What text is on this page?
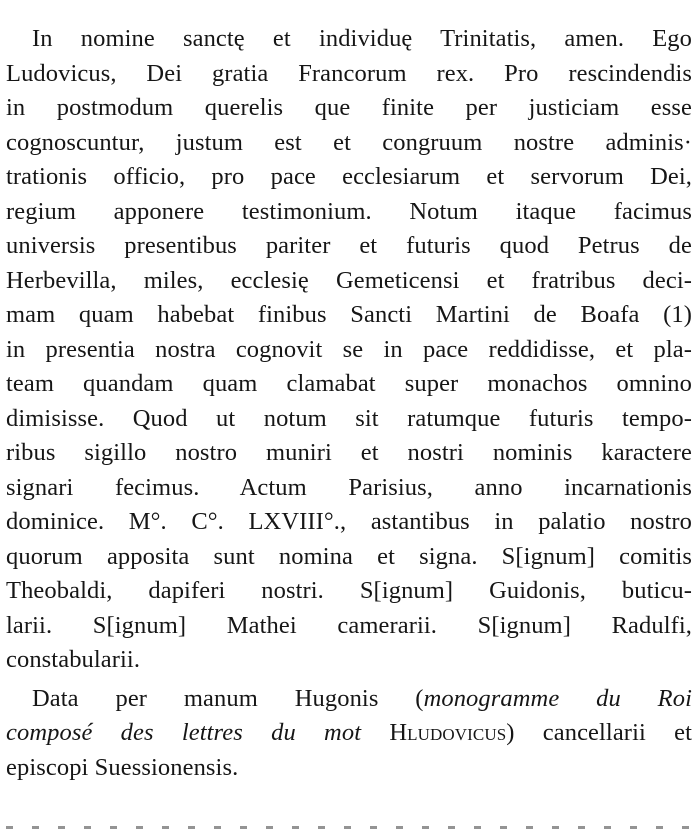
In nomine sanctę et individuę Trinitatis, amen. Ego
Ludovicus, Dei gratia Francorum rex. Pro rescindendis
in postmodum querelis que finite per justiciam esse
cognoscuntur, justum est et congruum nostre adminis·
trationis officio, pro pace ecclesiarum et servorum Dei,
regium apponere testimonium. Notum itaque facimus
universis presentibus pariter et futuris quod Petrus de
Herbevilla, miles, ecclesię Gemeticensi et fratribus deci-
mam quam habebat finibus Sancti Martini de Boafa (1)
in presentia nostra cognovit se in pace reddidisse, et pla-
team quandam quam clamabat super monachos omnino
dimisisse. Quod ut notum sit ratumque futuris tempo-
ribus sigillo nostro muniri et nostri nominis karactere
signari fecimus. Actum Parisius, anno incarnationis
dominice. M°. C°. LXVIII°., astantibus in palatio nostro
quorum apposita sunt nomina et signa. S[ignum] comitis
Theobaldi, dapiferi nostri. S[ignum] Guidonis, buticu-
larii. S[ignum] Mathei camerarii. S[ignum] Radulfi,
constabularii.

Data per manum Hugonis (monogramme du Roi
composé des lettres du mot Hludovicus) cancellarii et
episcopi Suessionensis.
